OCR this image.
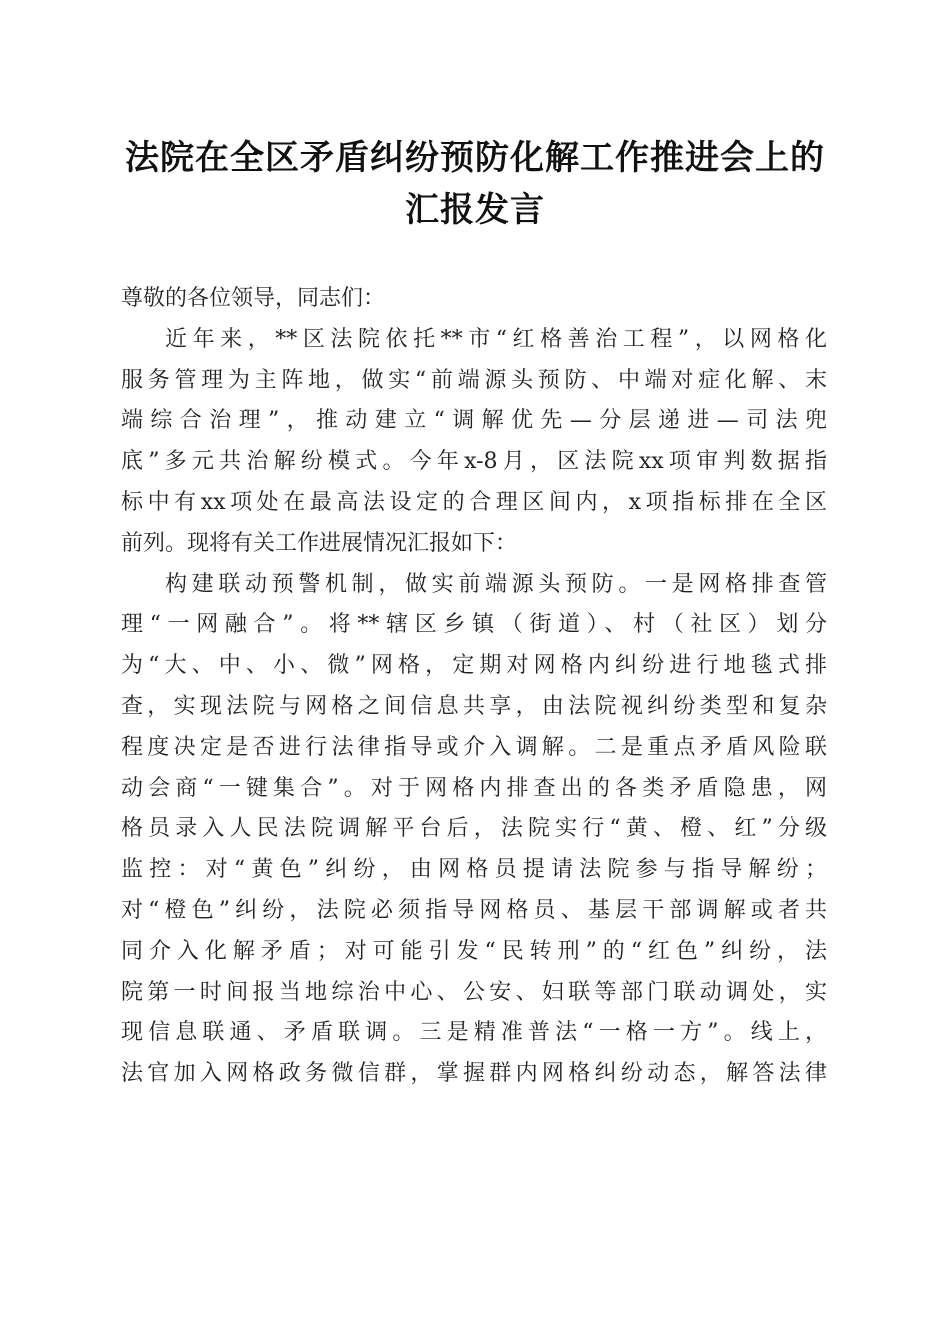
法院在全区矛盾纠纷预防化解工作推进会上的
汇报发言
尊敬的各位领导，同志们：
近年来，**区法院依托**市“红格善治工程”，以网格化
服务管理为主阵地，做实“前端源头预防、中端对症化解、末
端综合治理”，推动建立“调解优先—分层递进—司法兜
底”多元共治解纷模式。今年x-8月，区法院xx项审判数据指
标中有xx项处在最高法设定的合理区间内，x项指标排在全区
前列。现将有关工作进展情况汇报如下：
构建联动预警机制，做实前端源头预防。一是网格排查管
理“一网融合”。将**辖区乡镇（街道）、村（社区）划分
为“大、中、小、微”网格，定期对网格内纠纷进行地毯式排
查，实现法院与网格之间信息共享，由法院视纠纷类型和复杂
程度决定是否进行法律指导或介入调解。二是重点矛盾风险联
动会商“一键集合”。对于网格内排查出的各类矛盾隐患，网
格员录入人民法院调解平台后，法院实行“黄、橙、红”分级
监控：对“黄色”纠纷，由网格员提请法院参与指导解纷；
对“橙色”纠纷，法院必须指导网格员、基层干部调解或者共
同介入化解矛盾；对可能引发“民转刑”的“红色”纠纷，法
院第一时间报当地综治中心、公安、妇联等部门联动调处，实
现信息联通、矛盾联调。三是精准普法“一格一方”。线上，
法官加入网格政务微信群，掌握群内网格纠纷动态，解答法律
